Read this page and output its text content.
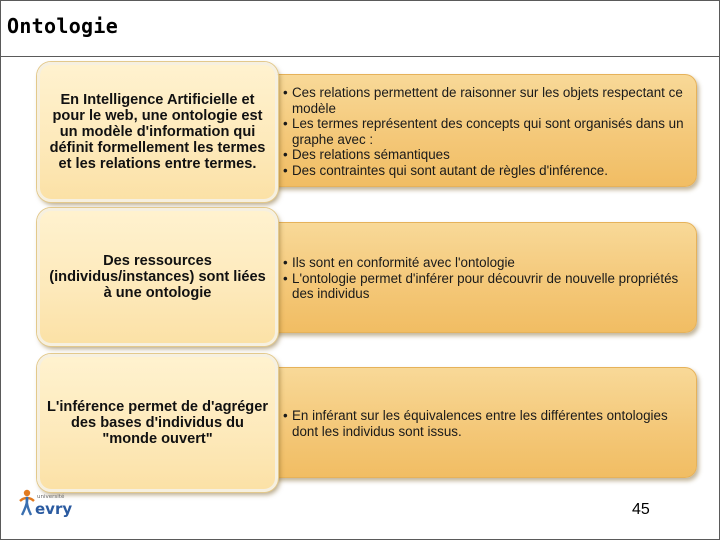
Ontologie
• Ces relations permettent de raisonner sur les objets respectant ce modèle
• Les termes représentent des concepts qui sont organisés dans un graphe avec :
• Des relations sémantiques
• Des contraintes qui sont autant de règles d'inférence.
En Intelligence Artificielle et pour le web, une ontologie est un modèle d'information qui définit formellement les termes et les relations entre termes.
• Ils sont en conformité avec l'ontologie
• L'ontologie permet d'inférer pour découvrir de nouvelle propriétés des individus
Des ressources (individus/instances) sont liées à une ontologie
• En inférant sur les équivalences entre les différentes ontologies dont les individus sont issus.
L'inférence permet de d'agréger des bases d'individus du "monde ouvert"
université
evry	45
